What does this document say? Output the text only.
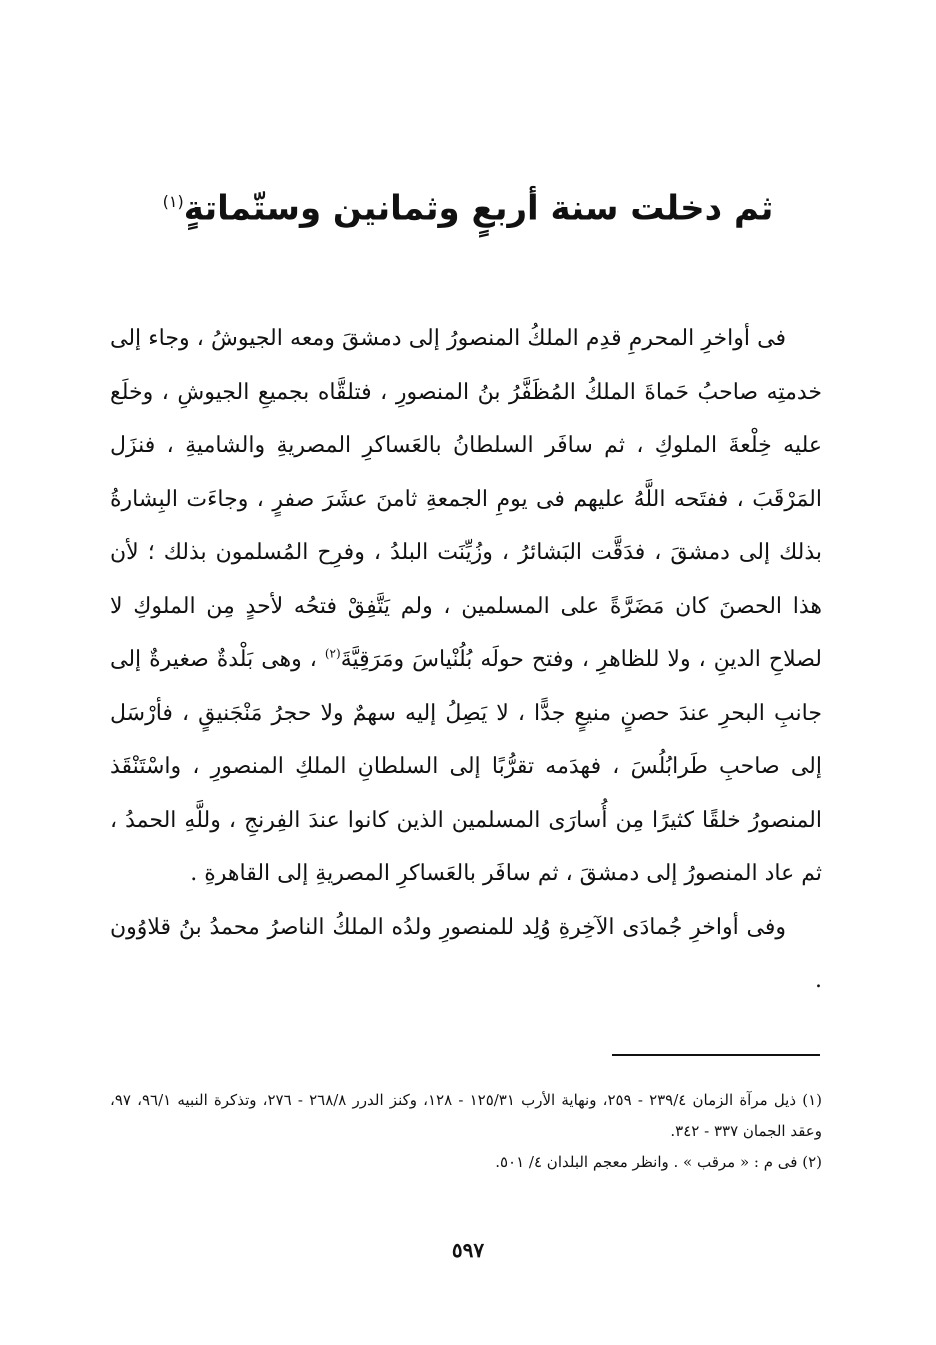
ثم دخلت سنة أربعٍ وثمانين وستّماتةٍ$^{(١)}$

فى أواخرِ المحرمِ قدِم الملكُ المنصورُ إلى دمشقَ ومعه الجيوشُ ، وجاء إلى خدمتِه صاحبُ حَماةَ الملكُ المُظَفَّرُ بنُ المنصورِ ، فتلقَّاه بجميعِ الجيوشِ ، وخلَع عليه خِلْعةَ الملوكِ ، ثم سافَر السلطانُ بالعَساكرِ المصريةِ والشاميةِ ، فنزَل المَرْقَبَ ، ففتَحه اللَّهُ عليهم فى يومِ الجمعةِ ثامنَ عشَرَ صفرٍ ، وجاءَت البِشارةُ بذلك إلى دمشقَ ، فدَقَّت البَشائرُ ، وزُيِّنَت البلدُ ، وفرِح المُسلمون بذلك ؛ لأن هذا الحصنَ كان مَضَرَّةً على المسلمين ، ولم يَتَّفِقْ فتحُه لأحدٍ مِن الملوكِ لا لصلاحِ الدينِ ، ولا للظاهرِ ، وفتح حولَه بُلُنْياسَ ومَرَقِيَّةَ$^{(٢)}$ ، وهى بَلْدةٌ صغيرةٌ إلى جانبِ البحرِ عندَ حصنٍ منيعٍ جدًّا ، لا يَصِلُ إليه سهمٌ ولا حجرُ مَنْجَنيقٍ ، فأرْسَل إلى صاحبِ طَرابُلُسَ ، فهدَمه تقرُّبًا إلى السلطانِ الملكِ المنصورِ ، واسْتَنْقَذ المنصورُ خلقًا كثيرًا مِن أُسارَى المسلمين الذين كانوا عندَ الفِرنجِ ، وللَّهِ الحمدُ ، ثم عاد المنصورُ إلى دمشقَ ، ثم سافَر بالعَساكرِ المصريةِ إلى القاهرةِ .

وفى أواخرِ جُمادَى الآخِرةِ وُلِد للمنصورِ ولدُه الملكُ الناصرُ محمدُ بنُ قلاوُون .

(١) ذيل مرآة الزمان ٢٣٩/٤ - ٢٥٩، ونهاية الأرب ١٢٥/٣١ - ١٢٨، وكنز الدرر ٢٦٨/٨ - ٢٧٦، وتذكرة النبيه ٩٦/١، ٩٧، وعقد الجمان ٣٣٧ - ٣٤٢.

(٢) فى م : « مرقب » . وانظر معجم البلدان ٤/ ٥٠١.

٥٩٧
